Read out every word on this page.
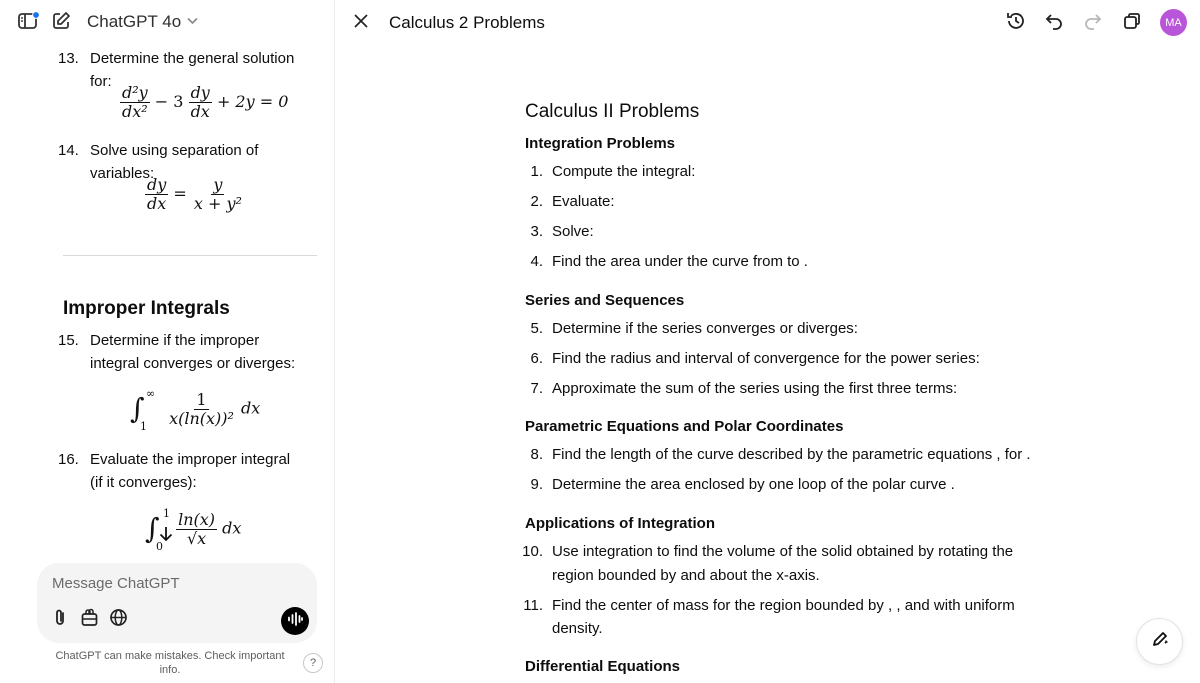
ChatGPT 4o
13. Determine the general solution for:
$\frac{\text{d²y}}{\text{dx²}} - 3 \frac{dy}{dx} + 2y = 0$
14. Solve using separation of variables:
$\frac{dy}{dx} = \frac{y}{\text{x + y²}}$
Improper Integrals
15. Determine if the improper integral converges or diverges:
∫ ∞
1
$\frac{1}{\text{x(ln(x))²}}$ dx
16. Evaluate the improper integral (if it converges):
∫ 1
0
$\frac{\ln(x)}{√x}$ dx
Message ChatGPT
ChatGPT can make mistakes. Check important info.
?
Calculus 2 Problems	MA
Calculus II Problems
Integration Problems
1. Compute the integral:
2. Evaluate:
3. Solve:
4. Find the area under the curve from to .
Series and Sequences
5. Determine if the series converges or diverges:
6. Find the radius and interval of convergence for the power series:
7. Approximate the sum of the series using the first three terms:
Parametric Equations and Polar Coordinates
8. Find the length of the curve described by the parametric equations , for .
9. Determine the area enclosed by one loop of the polar curve .
Applications of Integration
10. Use integration to find the volume of the solid obtained by rotating the
region bounded by and about the x-axis.
11. Find the center of mass for the region bounded by , , and with uniform
density.
Differential Equations
